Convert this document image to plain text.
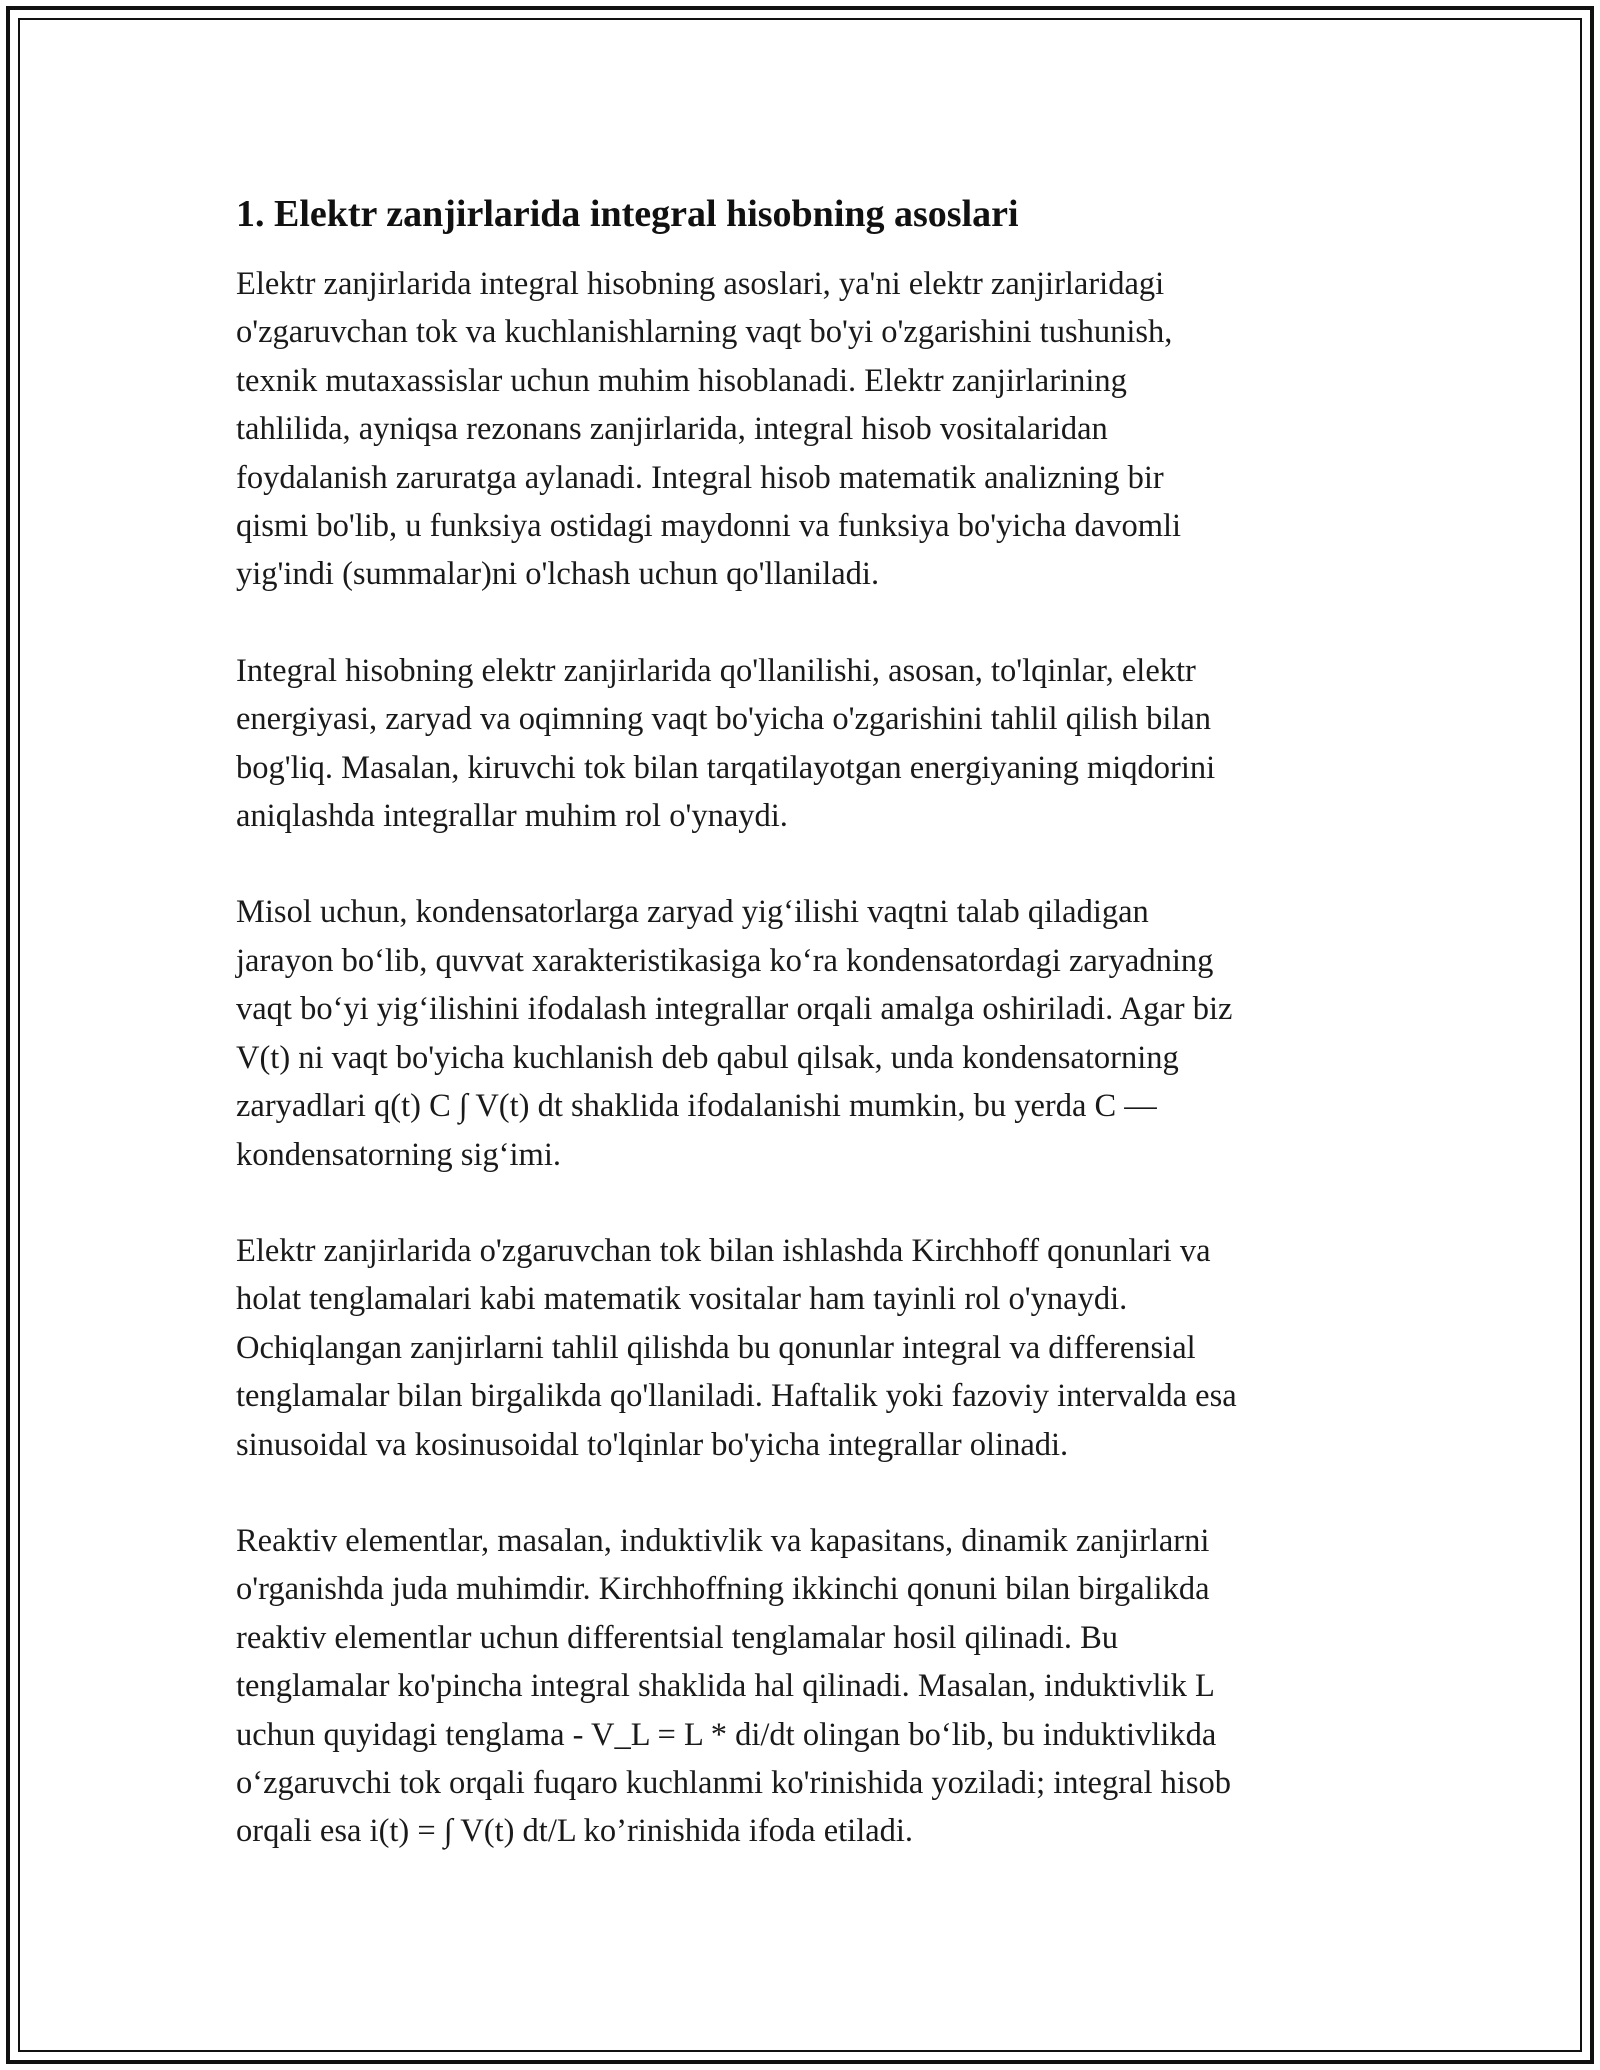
1. Elektr zanjirlarida integral hisobning asoslari

Elektr zanjirlarida integral hisobning asoslari, ya'ni elektr zanjirlaridagi
o'zgaruvchan tok va kuchlanishlarning vaqt bo'yi o'zgarishini tushunish,
texnik mutaxassislar uchun muhim hisoblanadi. Elektr zanjirlarining
tahlilida, ayniqsa rezonans zanjirlarida, integral hisob vositalaridan
foydalanish zaruratga aylanadi. Integral hisob matematik analizning bir
qismi bo'lib, u funksiya ostidagi maydonni va funksiya bo'yicha davomli
yig'indi (summalar)ni o'lchash uchun qo'llaniladi.

Integral hisobning elektr zanjirlarida qo'llanilishi, asosan, to'lqinlar, elektr
energiyasi, zaryad va oqimning vaqt bo'yicha o'zgarishini tahlil qilish bilan
bog'liq. Masalan, kiruvchi tok bilan tarqatilayotgan energiyaning miqdorini
aniqlashda integrallar muhim rol o'ynaydi.

Misol uchun, kondensatorlarga zaryad yig‘ilishi vaqtni talab qiladigan
jarayon bo‘lib, quvvat xarakteristikasiga ko‘ra kondensatordagi zaryadning
vaqt bo‘yi yig‘ilishini ifodalash integrallar orqali amalga oshiriladi. Agar biz
V(t) ni vaqt bo'yicha kuchlanish deb qabul qilsak, unda kondensatorning
zaryadlari q(t) C ∫ V(t) dt shaklida ifodalanishi mumkin, bu yerda C —
kondensatorning sig‘imi.

Elektr zanjirlarida o'zgaruvchan tok bilan ishlashda Kirchhoff qonunlari va
holat tenglamalari kabi matematik vositalar ham tayinli rol o'ynaydi.
Ochiqlangan zanjirlarni tahlil qilishda bu qonunlar integral va differensial
tenglamalar bilan birgalikda qo'llaniladi. Haftalik yoki fazoviy intervalda esa
sinusoidal va kosinusoidal to'lqinlar bo'yicha integrallar olinadi.

Reaktiv elementlar, masalan, induktivlik va kapasitans, dinamik zanjirlarni
o'rganishda juda muhimdir. Kirchhoffning ikkinchi qonuni bilan birgalikda
reaktiv elementlar uchun differentsial tenglamalar hosil qilinadi. Bu
tenglamalar ko'pincha integral shaklida hal qilinadi. Masalan, induktivlik L
uchun quyidagi tenglama - V_L = L * di/dt olingan bo‘lib, bu induktivlikda
o‘zgaruvchi tok orqali fuqaro kuchlanmi ko'rinishida yoziladi; integral hisob
orqali esa i(t) = ∫ V(t) dt/L ko’rinishida ifoda etiladi.
